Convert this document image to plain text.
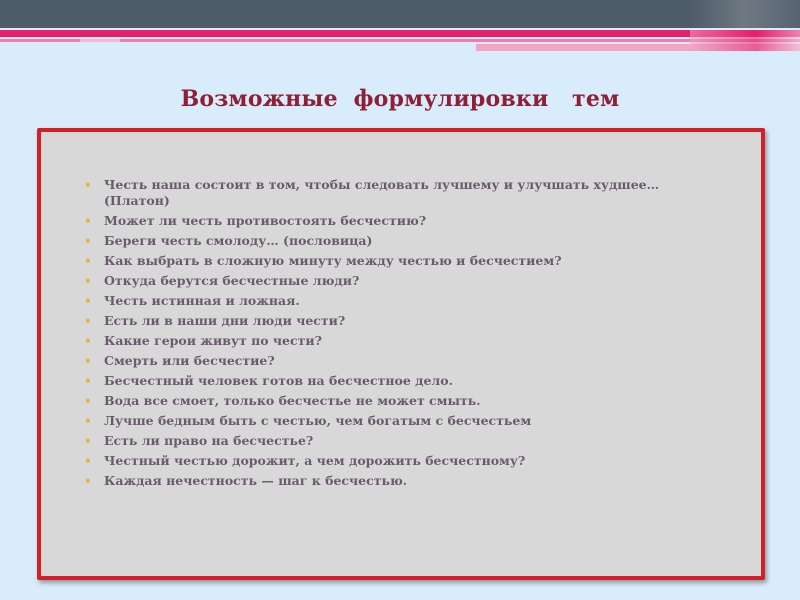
Возможные  формулировки   тем
• Честь наша состоит в том, чтобы следовать лучшему и улучшать худшее… (Платон)
• Может ли честь противостоять бесчестию?
• Береги честь смолоду… (пословица)
• Как выбрать в сложную минуту между честью и бесчестием?
• Откуда берутся бесчестные люди?
• Честь истинная и ложная.
• Есть ли в наши дни люди чести?
• Какие герои живут по чести?
• Смерть или бесчестие?
• Бесчестный человек готов на бесчестное дело.
• Вода все смоет, только бесчестье не может смыть.
• Лучше бедным быть с честью, чем богатым с бесчестьем
• Есть ли право на бесчестье?
• Честный честью дорожит, а чем дорожить бесчестному?
• Каждая нечестность — шаг к бесчестью.
